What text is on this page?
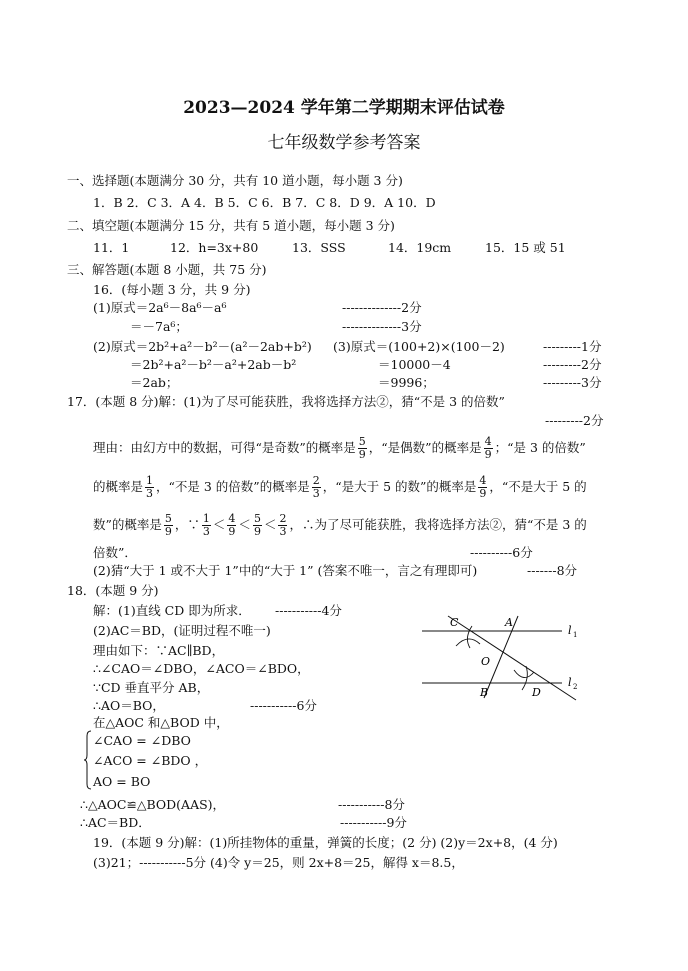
2023—2024 学年第二学期期末评估试卷
七年级数学参考答案
一、选择题(本题满分 30 分，共有 10 道小题，每小题 3 分)
1．B 2．C 3．A 4．B 5．C 6．B 7．C 8．D 9．A 10．D
二、填空题(本题满分 15 分，共有 5 道小题，每小题 3 分)
11．1	12．h=3x+80	13．SSS	14．19cm	15．15 或 51
三、解答题(本题 8 小题，共 75 分)
16．(每小题 3 分，共 9 分)
(1)原式＝2a⁶－8a⁶－a⁶	--------------2分
＝－7a⁶；	--------------3分
(2)原式＝2b²+a²－b²－(a²－2ab+b²)
＝2b²+a²－b²－a²+2ab－b²
＝2ab；
(3)原式＝(100+2)×(100－2)	---------1分
＝10000－4	---------2分
＝9996；	---------3分
17．(本题 8 分)解：(1)为了尽可能获胜，我将选择方法②，猜“不是 3 的倍数”
---------2分
理由：由幻方中的数据，可得“是奇数”的概率是 $\frac{5}{9}$ ，“是偶数”的概率是 $\frac{4}{9}$ ；“是 3 的倍数”
的概率是 $\frac{1}{3}$ ，“不是 3 的倍数”的概率是 $\frac{2}{3}$ ，“是大于 5 的数”的概率是 $\frac{4}{9}$ ，“不是大于 5 的
数”的概率是 $\frac{5}{9}$ ，∵ $\frac{1}{3} < \frac{4}{9} < \frac{5}{9} < \frac{2}{3}$ ，∴为了尽可能获胜，我将选择方法②，猜“不是 3 的
倍数”．	----------6分
(2)猜“大于 1 或不大于 1”中的“大于 1” (答案不唯一，言之有理即可)	-------8分
18．(本题 9 分)
解：(1)直线 CD 即为所求． -----------4分
(2)AC＝BD，(证明过程不唯一)
理由如下：∵AC∥BD，
∴∠CAO＝∠DBO，∠ACO＝∠BDO，
∵CD 垂直平分 AB，
∴AO＝BO，	-----------6分
在△AOC 和△BOD 中，
∠CAO = ∠DBO
∠ACO = ∠BDO ，
AO = BO
∴△AOC≌△BOD(AAS)，	-----------8分
∴AC＝BD．	-----------9分
C	A
l 1
O
B	D
l 2
19．(本题 9 分)解：(1)所挂物体的重量，弹簧的长度；(2 分) (2)y＝2x+8，(4 分)
(3)21；-----------5分 (4)令 y＝25，则 2x+8＝25，解得 x＝8.5，
